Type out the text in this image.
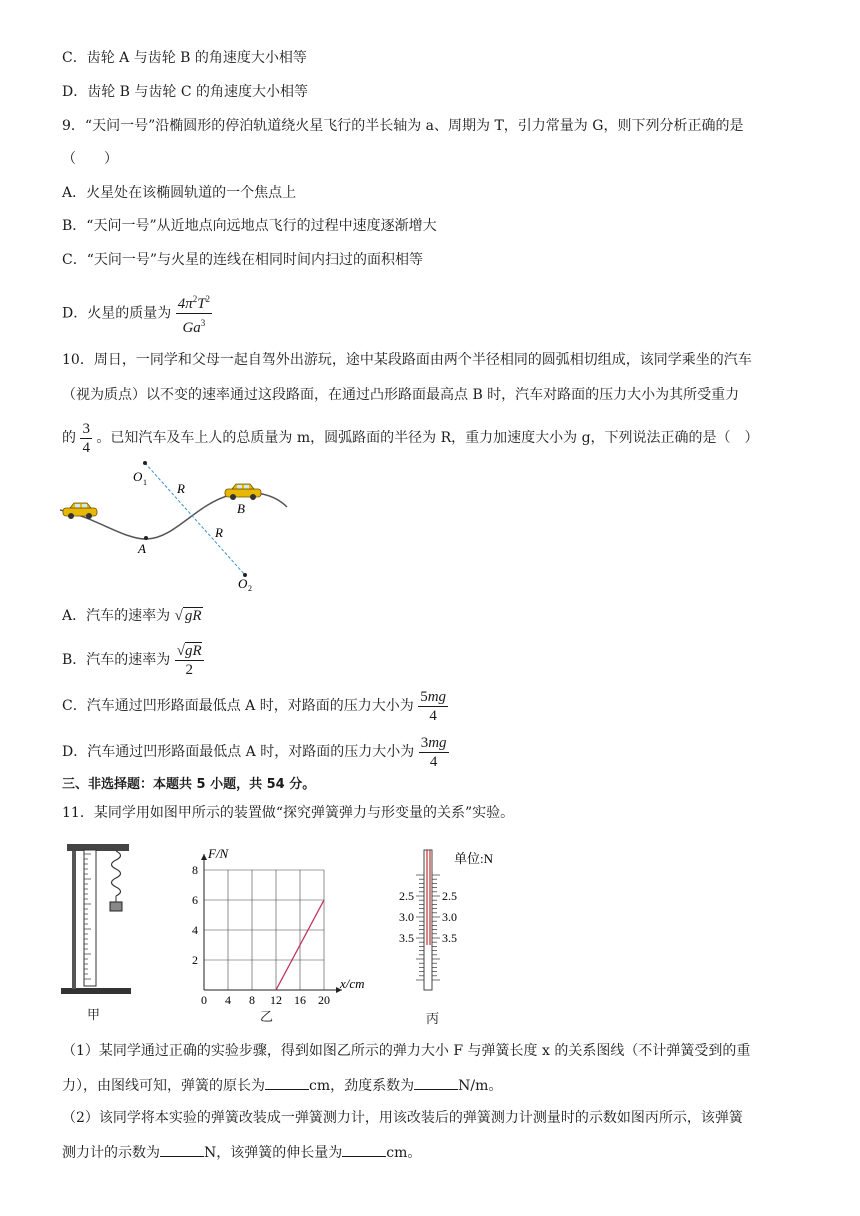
C．齿轮 A 与齿轮 B 的角速度大小相等
D．齿轮 B 与齿轮 C 的角速度大小相等
9．“天问一号”沿椭圆形的停泊轨道绕火星飞行的半长轴为 a、周期为 T，引力常量为 G，则下列分析正确的是
（　　）
A．火星处在该椭圆轨道的一个焦点上
B．“天问一号”从近地点向远地点飞行的过程中速度逐渐增大
C．“天问一号”与火星的连线在相同时间内扫过的面积相等
D．火星的质量为 $\frac{4\pi^2T^2}{Ga^3}$
10．周日，一同学和父母一起自驾外出游玩，途中某段路面由两个半径相同的圆弧相切组成，该同学乘坐的汽车
（视为质点）以不变的速率通过这段路面，在通过凸形路面最高点 B 时，汽车对路面的压力大小为其所受重力
的 $\frac{3}{4}$ 。已知汽车及车上人的总质量为 m，圆弧路面的半径为 R，重力加速度大小为 g，下列说法正确的是（　）
O 1 R
R
A
B
O 2
A．汽车的速率为 √ gR
B．汽车的速率为 $\frac{√gR}{2}$
C．汽车通过凹形路面最低点 A 时，对路面的压力大小为 $\frac{5mg}{4}$
D．汽车通过凹形路面最低点 A 时，对路面的压力大小为 $\frac{3mg}{4}$
三、非选择题：本题共 5 小题，共 54 分。
11．某同学用如图甲所示的装置做“探究弹簧弹力与形变量的关系”实验。
甲
0 4 8 12 16 20
2
4
6
8
F/N
x/cm
乙
单位:N
2.5 2.5
3.0 3.0
3.5 3.5
丙
（1）某同学通过正确的实验步骤，得到如图乙所示的弹力大小 F 与弹簧长度 x 的关系图线（不计弹簧受到的重
力），由图线可知，弹簧的原长为	cm，劲度系数为	N/m。
（2）该同学将本实验的弹簧改装成一弹簧测力计，用该改装后的弹簧测力计测量时的示数如图丙所示，该弹簧
测力计的示数为	N，该弹簧的伸长量为	cm。
